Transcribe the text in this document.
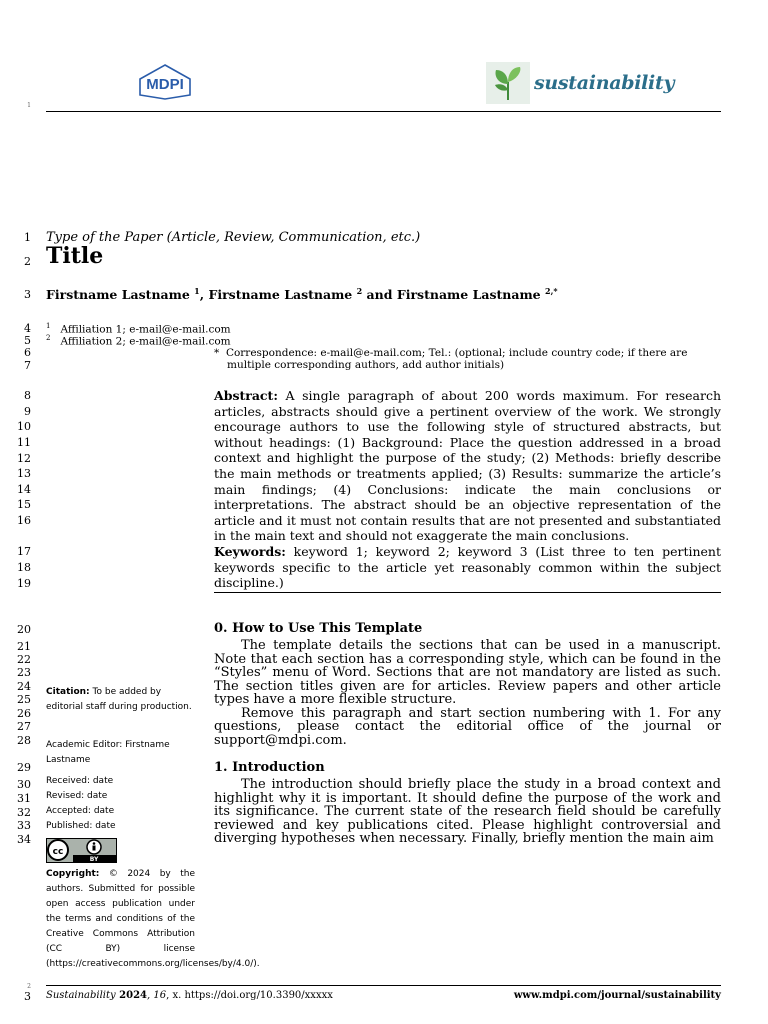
1
MDPI	sustainability
1
2
3
4
5
6
7
8
9
10
11
12
13
14
15
16
17
18
19
20
21
22
23
24
25
26
27
28
29
30
31
32
33
34
Type of the Paper (Article, Review, Communication, etc.)
Title
Firstname Lastname $^1$, Firstname Lastname $^2$ and Firstname Lastname $^{2,*}$
$^1$ Affiliation 1; e-mail@e-mail.com
$^2$ Affiliation 2; e-mail@e-mail.com
* Correspondence: e-mail@e-mail.com; Tel.: (optional; include country code; if there are
multiple corresponding authors, add author initials)
Abstract: A single paragraph of about 200 words maximum. For research articles, abstracts should give a pertinent overview of the work. We strongly encourage authors to use the following style of structured abstracts, but without headings: (1) Background: Place the question addressed in a broad context and highlight the purpose of the study; (2) Methods: briefly describe the main methods or treatments applied; (3) Results: summarize the article’s main findings; (4) Conclusions: indicate the main conclusions or interpretations. The abstract should be an objective representation of the article and it must not contain results that are not presented and substantiated in the main text and should not exaggerate the main conclusions.
Keywords: keyword 1; keyword 2; keyword 3 (List three to ten pertinent keywords specific to the article yet reasonably common within the subject discipline.)
0. How to Use This Template

The template details the sections that can be used in a manuscript. Note that each section has a corresponding style, which can be found in the “Styles” menu of Word. Sections that are not mandatory are listed as such. The section titles given are for articles. Review papers and other article types have a more flexible structure.

Remove this paragraph and start section numbering with 1. For any questions, please contact the editorial office of the journal or support@mdpi.com.

1. Introduction

The introduction should briefly place the study in a broad context and highlight why it is important. It should define the purpose of the work and its significance. The current state of the research field should be carefully reviewed and key publications cited. Please highlight controversial and diverging hypotheses when necessary. Finally, briefly mention the main aim

Citation: To be added by editorial staff during production.
Academic Editor: Firstname Lastname
Received: date
Revised: date
Accepted: date
Published: date
cc
BY
Copyright: © 2024 by the authors. Submitted for possible open access publication under the terms and conditions of the Creative Commons Attribution (CC BY) license (https://creativecommons.org/licenses/by/4.0/).
2
3 Sustainability 2024, 16, x. https://doi.org/10.3390/xxxxx	www.mdpi.com/journal/sustainability
